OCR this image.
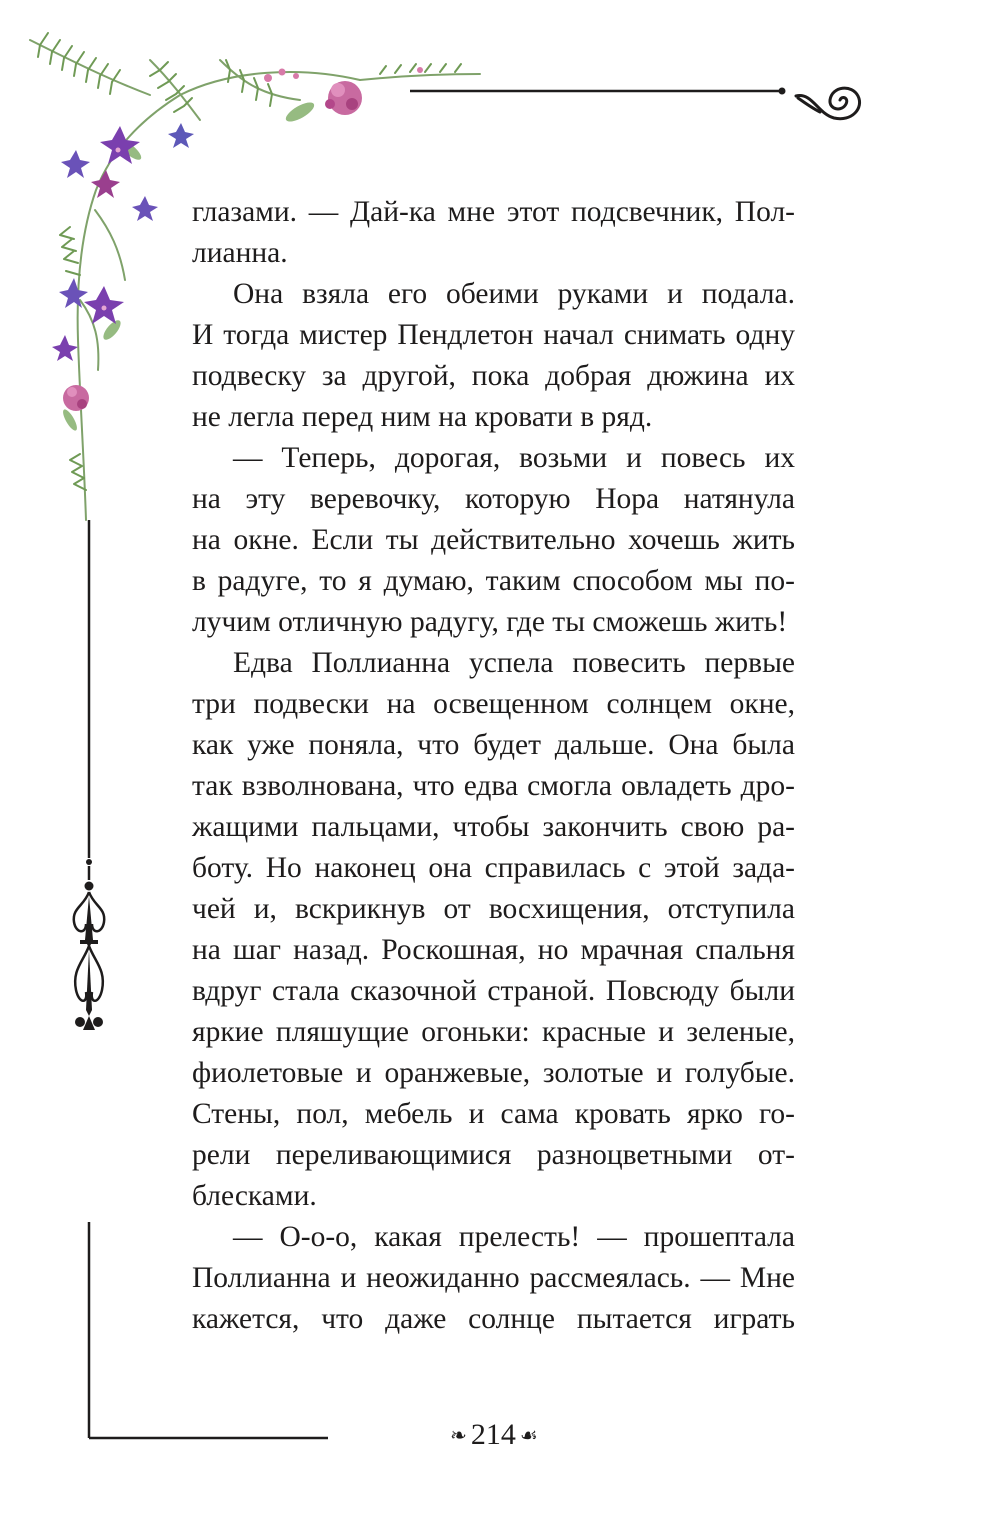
глазами. — Дай-ка мне этот подсвечник, Пол-
лианна.
Она взяла его обеими руками и подала.
И тогда мистер Пендлетон начал снимать одну
подвеску за другой, пока добрая дюжина их
не легла перед ним на кровати в ряд.
— Теперь, дорогая, возьми и повесь их
на эту веревочку, которую Нора натянула
на окне. Если ты действительно хочешь жить
в радуге, то я думаю, таким способом мы по-
лучим отличную радугу, где ты сможешь жить!
Едва Поллианна успела повесить первые
три подвески на освещенном солнцем окне,
как уже поняла, что будет дальше. Она была
так взволнована, что едва смогла овладеть дро-
жащими пальцами, чтобы закончить свою ра-
боту. Но наконец она справилась с этой зада-
чей и, вскрикнув от восхищения, отступила
на шаг назад. Роскошная, но мрачная спальня
вдруг стала сказочной страной. Повсюду были
яркие пляшущие огоньки: красные и зеленые,
фиолетовые и оранжевые, золотые и голубые.
Стены, пол, мебель и сама кровать ярко го-
рели переливающимися разноцветными от-
блесками.
— О-о-о, какая прелесть! — прошептала
Поллианна и неожиданно рассмеялась. — Мне
кажется, что даже солнце пытается играть
❧ 214 ☙
